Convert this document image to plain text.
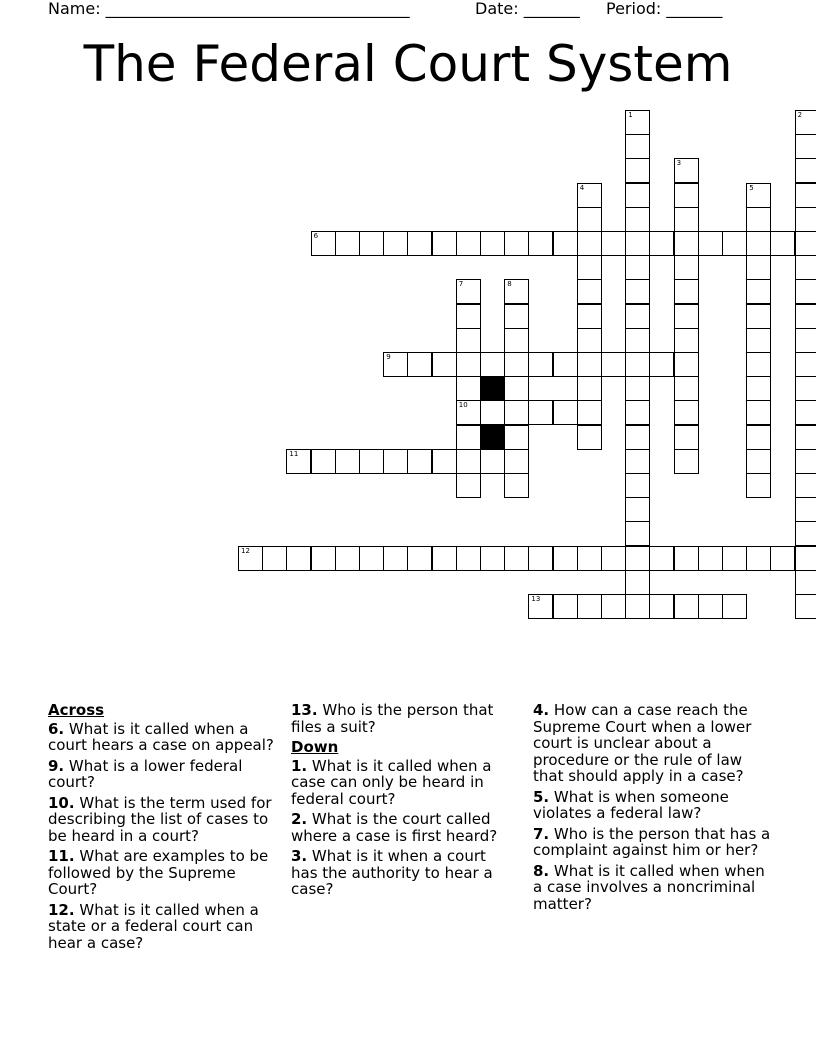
Name: ______________________________________	Date: _______ Period: _______
The Federal Court System
1	2
3
4	5
6
7
10
8
9
11
12
13
Across
6. What is it called when a court hears a case on appeal?
9. What is a lower federal court?
10. What is the term used for describing the list of cases to be heard in a court?
11. What are examples to be followed by the Supreme Court?
12. What is it called when a state or a federal court can hear a case?
13. Who is the person that files a suit?
Down
1. What is it called when a case can only be heard in federal court?
2. What is the court called where a case is first heard?
3. What is it when a court has the authority to hear a case?
4. How can a case reach the Supreme Court when a lower court is unclear about a procedure or the rule of law that should apply in a case?
5. What is when someone violates a federal law?
7. Who is the person that has a complaint against him or her?
8. What is it called when when a case involves a noncriminal matter?
